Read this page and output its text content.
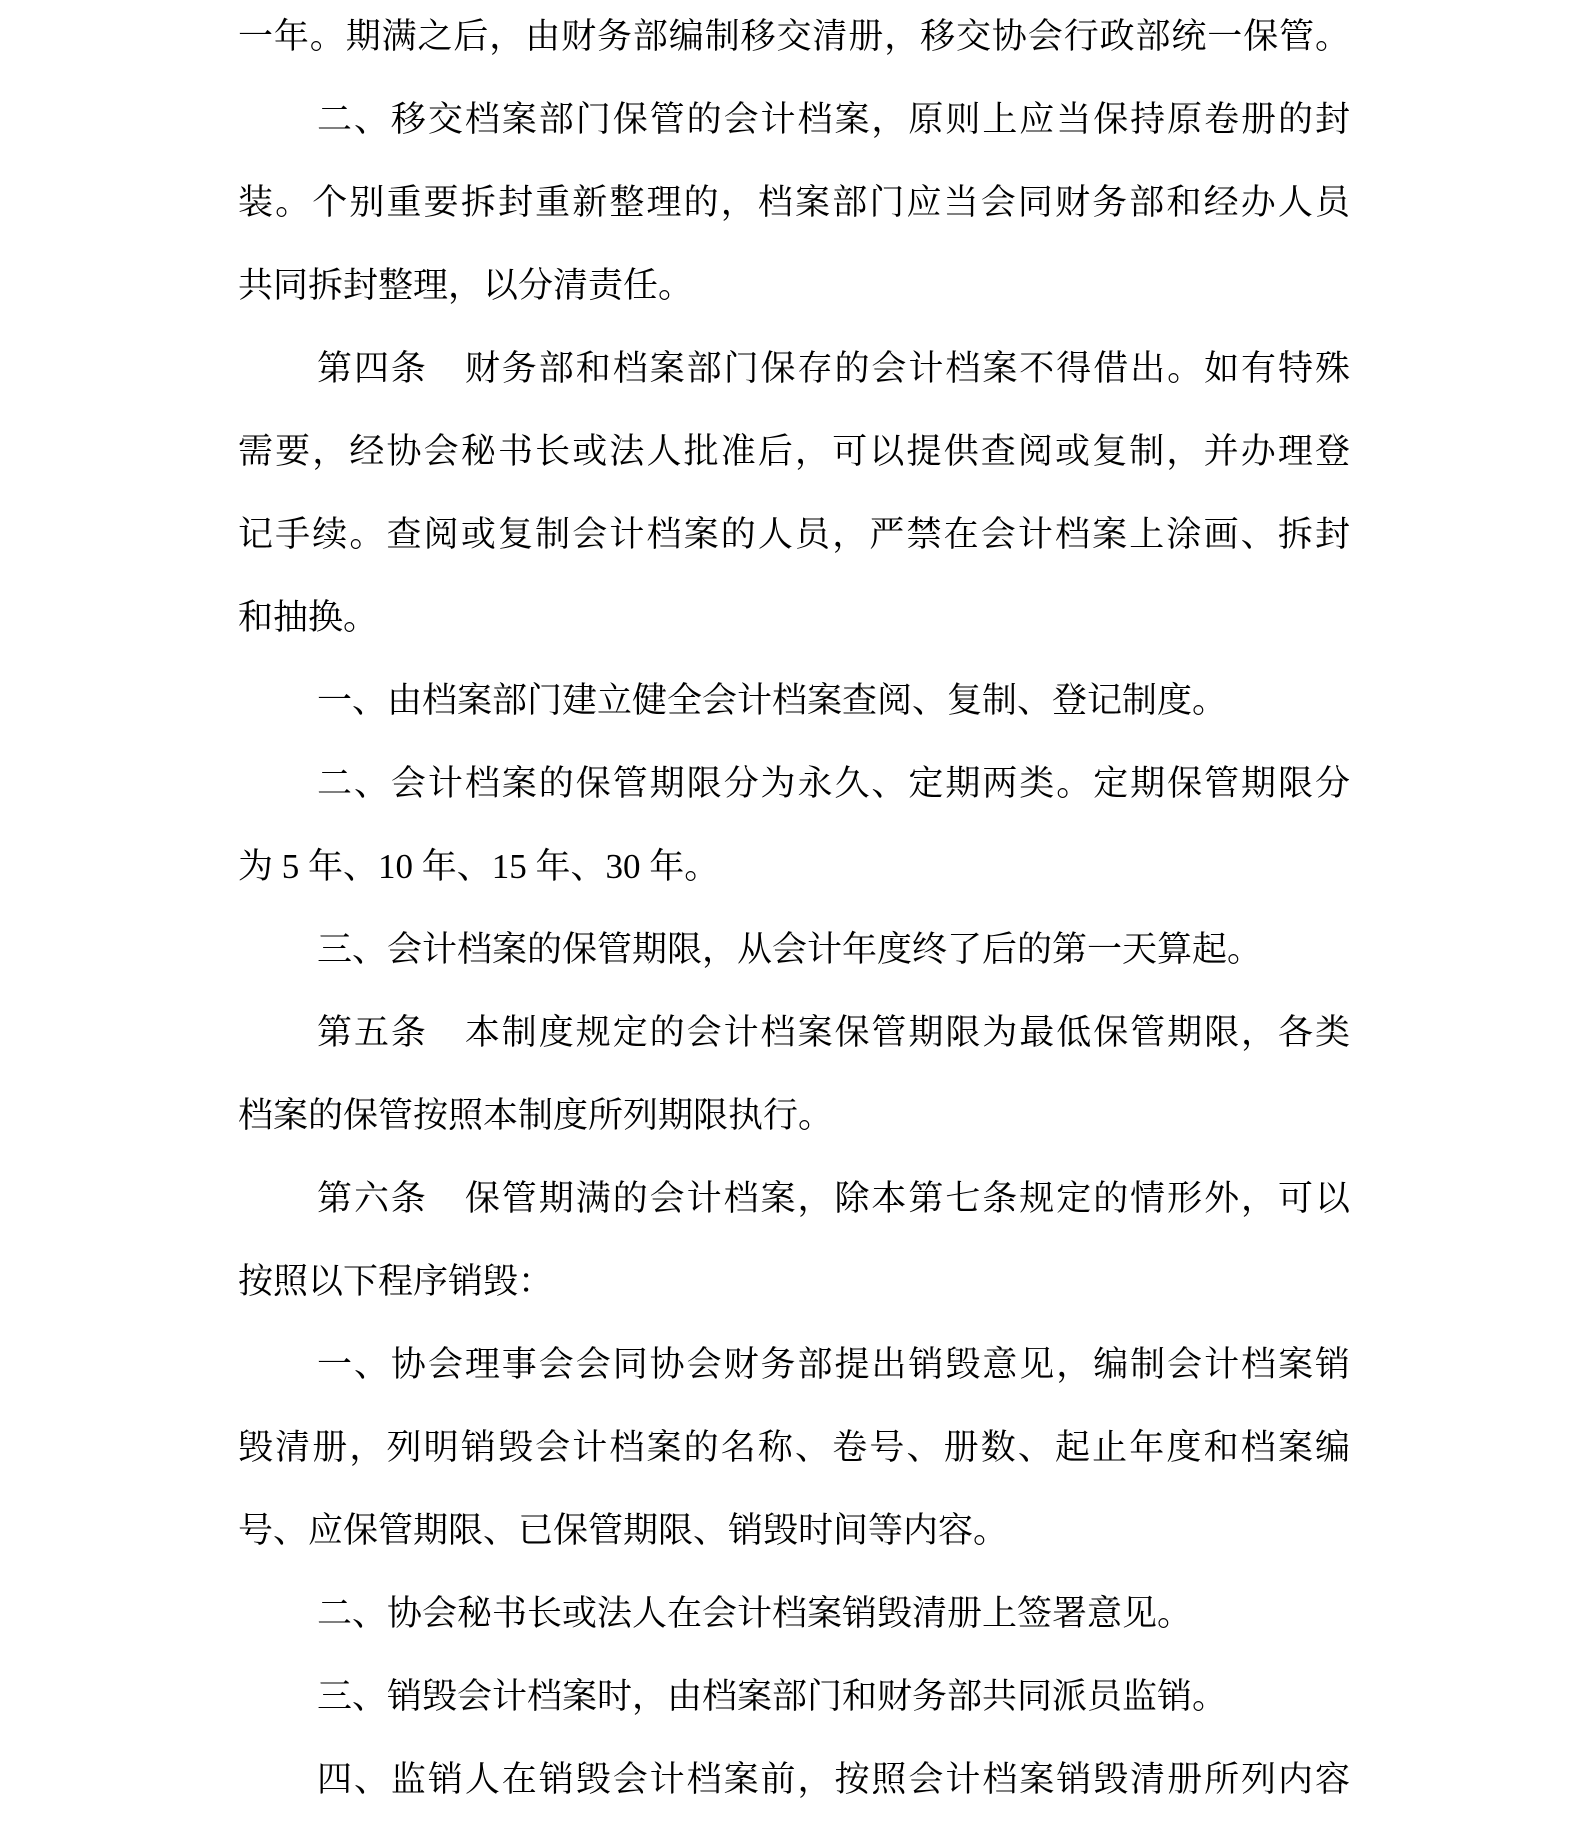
一年。期满之后，由财务部编制移交清册，移交协会行政部统一保管。
二、移交档案部门保管的会计档案，原则上应当保持原卷册的封
装。个别重要拆封重新整理的，档案部门应当会同财务部和经办人员
共同拆封整理，以分清责任。
第四条　财务部和档案部门保存的会计档案不得借出。如有特殊
需要，经协会秘书长或法人批准后，可以提供查阅或复制，并办理登
记手续。查阅或复制会计档案的人员，严禁在会计档案上涂画、拆封
和抽换。
一、由档案部门建立健全会计档案查阅、复制、登记制度。
二、会计档案的保管期限分为永久、定期两类。定期保管期限分
为 5 年、10 年、15 年、30 年。
三、会计档案的保管期限，从会计年度终了后的第一天算起。
第五条　本制度规定的会计档案保管期限为最低保管期限，各类
档案的保管按照本制度所列期限执行。
第六条　保管期满的会计档案，除本第七条规定的情形外，可以
按照以下程序销毁：
一、协会理事会会同协会财务部提出销毁意见，编制会计档案销
毁清册，列明销毁会计档案的名称、卷号、册数、起止年度和档案编
号、应保管期限、已保管期限、销毁时间等内容。
二、协会秘书长或法人在会计档案销毁清册上签署意见。
三、销毁会计档案时，由档案部门和财务部共同派员监销。
四、监销人在销毁会计档案前，按照会计档案销毁清册所列内容
